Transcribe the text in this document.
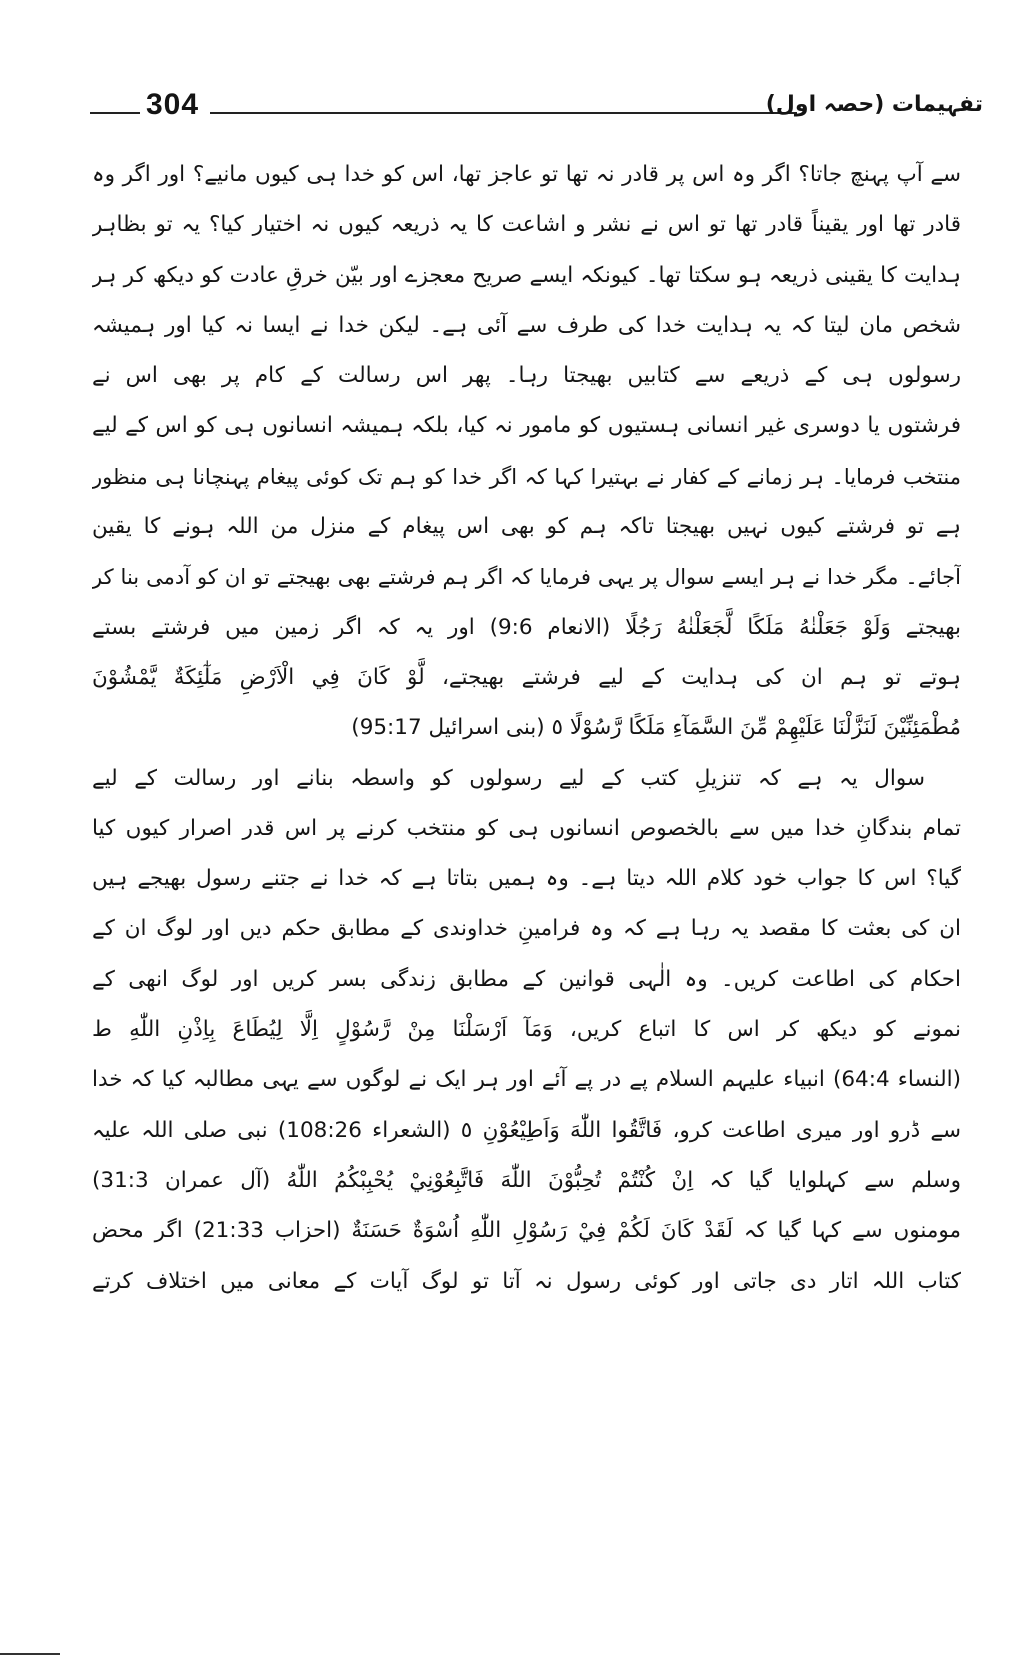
304	تفہیمات (حصہ اول)
سے آپ پہنچ جاتا؟ اگر وہ اس پر قادر نہ تھا تو عاجز تھا، اس کو خدا ہی کیوں مانیے؟ اور اگر وہ
قادر تھا اور یقیناً قادر تھا تو اس نے نشر و اشاعت کا یہ ذریعہ کیوں نہ اختیار کیا؟ یہ تو بظاہر
ہدایت کا یقینی ذریعہ ہو سکتا تھا۔ کیونکہ ایسے صریح معجزے اور بیّن خرقِ عادت کو دیکھ کر ہر
شخص مان لیتا کہ یہ ہدایت خدا کی طرف سے آئی ہے۔ لیکن خدا نے ایسا نہ کیا اور ہمیشہ
رسولوں ہی کے ذریعے سے کتابیں بھیجتا رہا۔ پھر اس رسالت کے کام پر بھی اس نے
فرشتوں یا دوسری غیر انسانی ہستیوں کو مامور نہ کیا، بلکہ ہمیشہ انسانوں ہی کو اس کے لیے
منتخب فرمایا۔ ہر زمانے کے کفار نے بہتیرا کہا کہ اگر خدا کو ہم تک کوئی پیغام پہنچانا ہی منظور
ہے تو فرشتے کیوں نہیں بھیجتا تاکہ ہم کو بھی اس پیغام کے منزل من اللہ ہونے کا یقین
آجائے۔ مگر خدا نے ہر ایسے سوال پر یہی فرمایا کہ اگر ہم فرشتے بھی بھیجتے تو ان کو آدمی بنا کر
بھیجتے وَلَوْ جَعَلْنٰهُ مَلَكًا لَّجَعَلْنٰهُ رَجُلًا (الانعام 9:6) اور یہ کہ اگر زمین میں فرشتے بستے
ہوتے تو ہم ان کی ہدایت کے لیے فرشتے بھیجتے، لَّوْ كَانَ فِي الْاَرْضِ مَلٰٓئِكَةٌ يَّمْشُوْنَ
مُطْمَئِنِّيْنَ لَنَزَّلْنَا عَلَيْهِمْ مِّنَ السَّمَآءِ مَلَكًا رَّسُوْلًا ٥ (بنی اسرائیل 95:17)
سوال یہ ہے کہ تنزیلِ کتب کے لیے رسولوں کو واسطہ بنانے اور رسالت کے لیے
تمام بندگانِ خدا میں سے بالخصوص انسانوں ہی کو منتخب کرنے پر اس قدر اصرار کیوں کیا
گیا؟ اس کا جواب خود کلام اللہ دیتا ہے۔ وہ ہمیں بتاتا ہے کہ خدا نے جتنے رسول بھیجے ہیں
ان کی بعثت کا مقصد یہ رہا ہے کہ وہ فرامینِ خداوندی کے مطابق حکم دیں اور لوگ ان کے
احکام کی اطاعت کریں۔ وہ الٰہی قوانین کے مطابق زندگی بسر کریں اور لوگ انھی کے
نمونے کو دیکھ کر اس کا اتباع کریں، وَمَآ اَرْسَلْنَا مِنْ رَّسُوْلٍ اِلَّا لِيُطَاعَ بِاِذْنِ اللّٰهِ ط
(النساء 64:4) انبیاء علیہم السلام پے در پے آئے اور ہر ایک نے لوگوں سے یہی مطالبہ کیا کہ خدا
سے ڈرو اور میری اطاعت کرو، فَاتَّقُوا اللّٰهَ وَاَطِيْعُوْنِ ٥ (الشعراء 108:26) نبی صلی اللہ علیہ
وسلم سے کہلوایا گیا کہ اِنْ كُنْتُمْ تُحِبُّوْنَ اللّٰهَ فَاتَّبِعُوْنِيْ يُحْبِبْكُمُ اللّٰهُ (آل عمران 31:3)
مومنوں سے کہا گیا کہ لَقَدْ كَانَ لَكُمْ فِيْ رَسُوْلِ اللّٰهِ اُسْوَةٌ حَسَنَةٌ (احزاب 21:33) اگر محض
کتاب اللہ اتار دی جاتی اور کوئی رسول نہ آتا تو لوگ آیات کے معانی میں اختلاف کرتے
